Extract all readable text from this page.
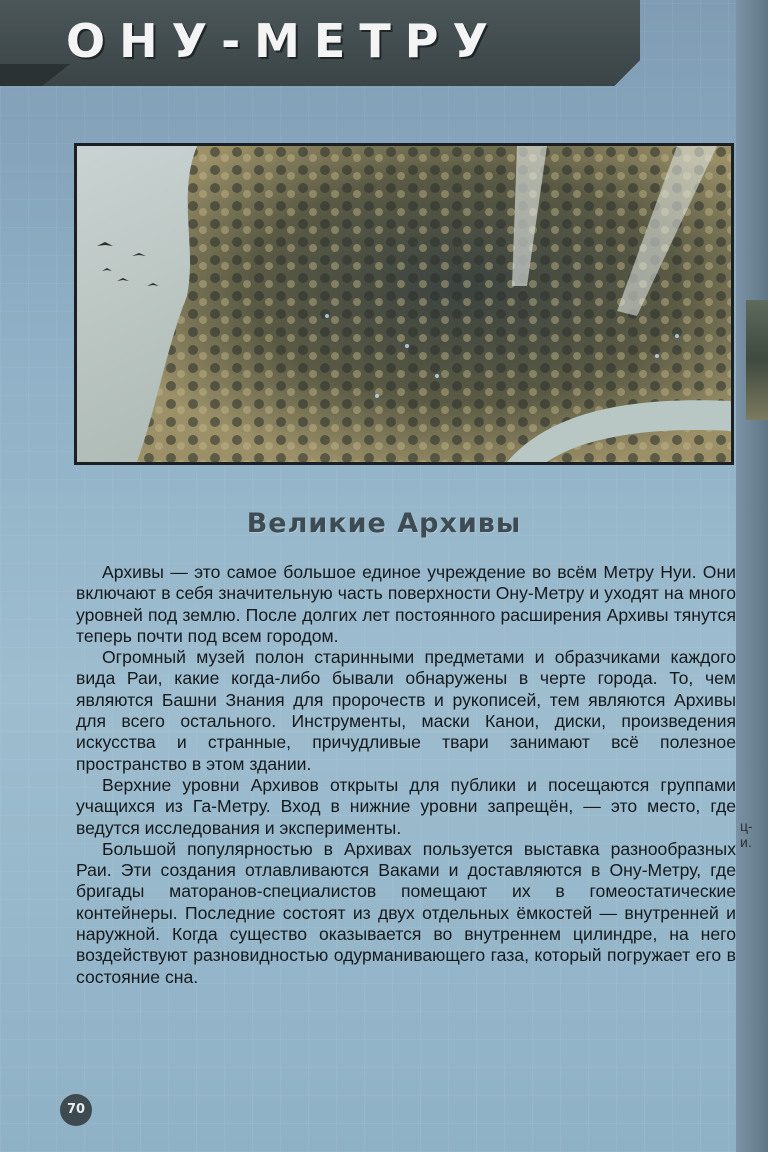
ОНУ-МЕТРУ
Великие Архивы

Архивы — это самое большое единое учреждение во всём Метру Нуи. Они включают в себя значительную часть поверхности Ону-Метру и уходят на много уровней под землю. После долгих лет постоянного расширения Архивы тянутся теперь почти под всем городом.

Огромный музей полон старинными предметами и образчиками каждого вида Раи, какие когда-либо бывали обнаружены в черте города. То, чем являются Башни Знания для пророчеств и рукописей, тем являются Архивы для всего остального. Инструменты, маски Канои, диски, произведения искусства и странные, причудливые твари занимают всё полезное пространство в этом здании.

Верхние уровни Архивов открыты для публики и посещаются группами учащихся из Га-Метру. Вход в нижние уровни запрещён, — это место, где ведутся исследования и эксперименты.

Большой популярностью в Архивах пользуется выставка разнообразных Раи. Эти создания отлавливаются Ваками и доставляются в Ону-Метру, где бригады маторанов-специалистов помещают их в гомеостатические контейнеры. Последние состоят из двух отдельных ёмкостей — внутренней и наружной. Когда существо оказывается во внутреннем цилиндре, на него воздействуют разновидностью одурманивающего газа, который погружает его в состояние сна.

ц-
и.
70
